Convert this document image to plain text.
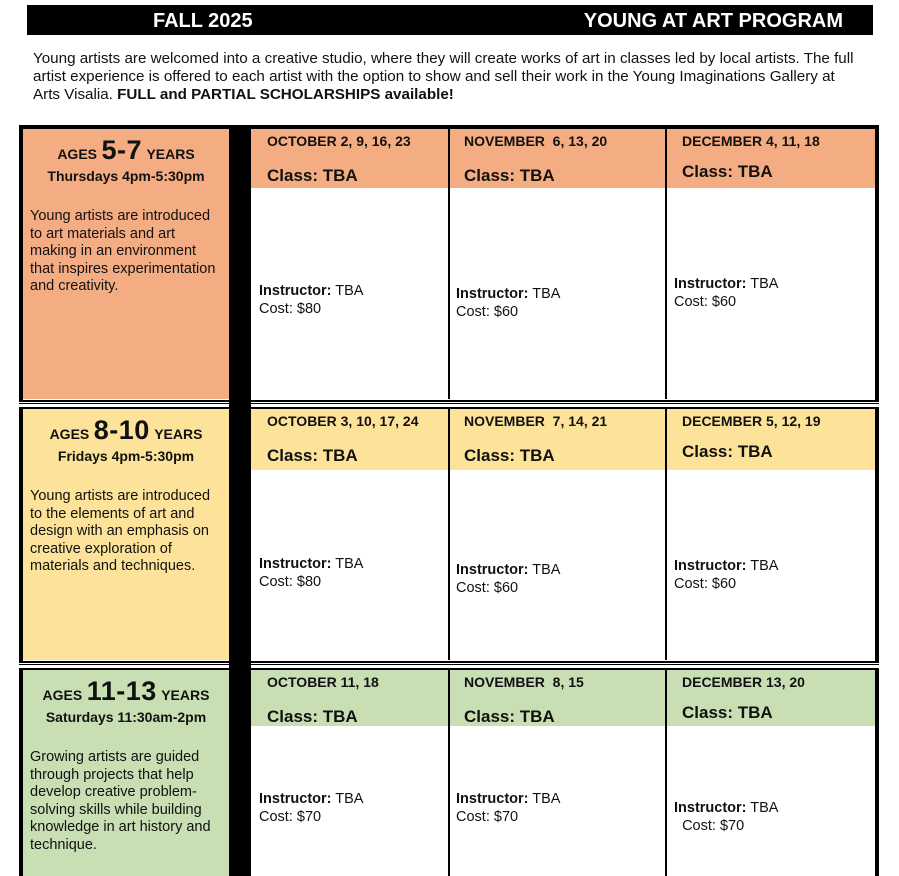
FALL 2025	YOUNG AT ART PROGRAM
Young artists are welcomed into a creative studio, where they will create works of art in classes led by local artists. The full artist experience is offered to each artist with the option to show and sell their work in the Young Imaginations Gallery at Arts Visalia. FULL and PARTIAL SCHOLARSHIPS available!
AGES 5-7 YEARS
Thursdays 4pm-5:30pm
Young artists are introduced to art materials and art making in an environment that inspires experimentation and creativity.
OCTOBER 2, 9, 16, 23
Class: TBA
Instructor: TBA
Cost: $80
NOVEMBER  6, 13, 20
Class: TBA
Instructor: TBA
Cost: $60
DECEMBER 4, 11, 18
Class: TBA
Instructor: TBA
Cost: $60
AGES 8-10 YEARS
Fridays 4pm-5:30pm
Young artists are introduced to the elements of art and design with an emphasis on creative exploration of materials and techniques.
OCTOBER 3, 10, 17, 24
Class: TBA
Instructor: TBA
Cost: $80
NOVEMBER  7, 14, 21
Class: TBA
Instructor: TBA
Cost: $60
DECEMBER 5, 12, 19
Class: TBA
Instructor: TBA
Cost: $60
AGES 11-13 YEARS
Saturdays 11:30am-2pm
Growing artists are guided through projects that help develop creative problem-solving skills while building knowledge in art history and technique.
OCTOBER 11, 18
Class: TBA
Instructor: TBA
Cost: $70
NOVEMBER  8, 15
Class: TBA
Instructor: TBA
Cost: $70
DECEMBER 13, 20
Class: TBA
Instructor: TBA
Cost: $70
